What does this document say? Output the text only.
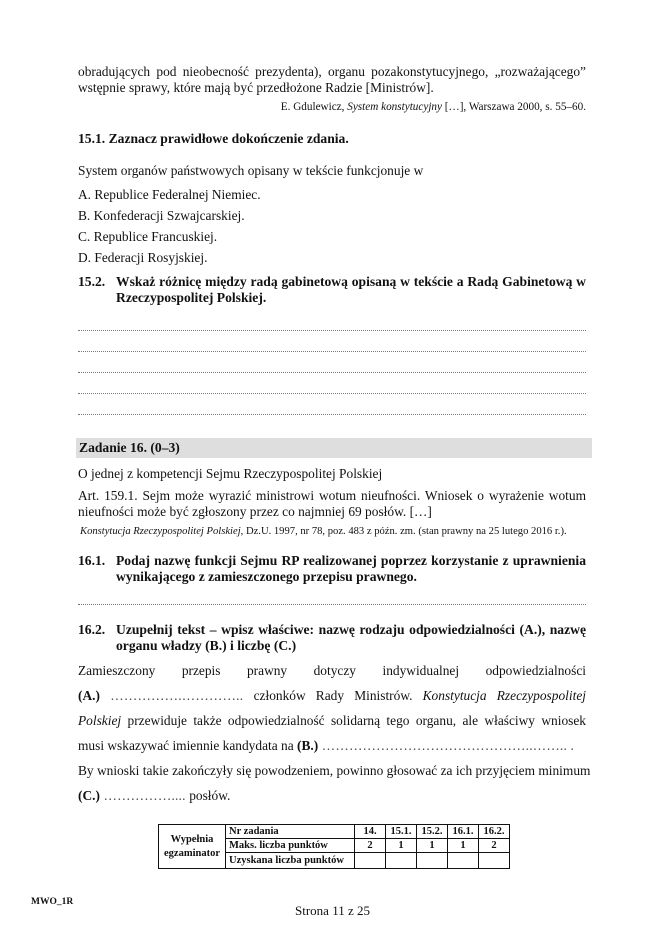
obradujących pod nieobecność prezydenta), organu pozakonstytucyjnego, „rozważającego”
wstępnie sprawy, które mają być przedłożone Radzie [Ministrów].
E. Gdulewicz, System konstytucyjny […], Warszawa 2000, s. 55–60.
15.1. Zaznacz prawidłowe dokończenie zdania.
System organów państwowych opisany w tekście funkcjonuje w
A. Republice Federalnej Niemiec.
B. Konfederacji Szwajcarskiej.
C. Republice Francuskiej.
D. Federacji Rosyjskiej.
15.2. Wskaż różnicę między radą gabinetową opisaną w tekście a Radą Gabinetową w Rzeczypospolitej Polskiej.
Zadanie 16. (0–3)
O jednej z kompetencji Sejmu Rzeczypospolitej Polskiej
Art. 159.1. Sejm może wyrazić ministrowi wotum nieufności. Wniosek o wyrażenie wotum nieufności może być zgłoszony przez co najmniej 69 posłów. […]
Konstytucja Rzeczypospolitej Polskiej, Dz.U. 1997, nr 78, poz. 483 z późn. zm. (stan prawny na 25 lutego 2016 r.).
16.1. Podaj nazwę funkcji Sejmu RP realizowanej poprzez korzystanie z uprawnienia wynikającego z zamieszczonego przepisu prawnego.
16.2. Uzupełnij tekst – wpisz właściwe: nazwę rodzaju odpowiedzialności (A.), nazwę organu władzy (B.) i liczbę (C.)
Zamieszczony przepis prawny dotyczy indywidualnej odpowiedzialności
(A.) …………….………….. członków Rady Ministrów. Konstytucja Rzeczypospolitej
Polskiej przewiduje także odpowiedzialność solidarną tego organu, ale właściwy wniosek
musi wskazywać imiennie kandydata na (B.) ………………………………………..…….. .
By wnioski takie zakończyły się powodzeniem, powinno głosować za ich przyjęciem minimum
(C.) …………….... posłów.
Wypełnia egzaminator	Nr zadania	14.	15.1.	15.2.	16.1.	16.2.
	Maks. liczba punktów	2	1	1	1	2
	Uzyskana liczba punktów					
MWO_1R
Strona 11 z 25
